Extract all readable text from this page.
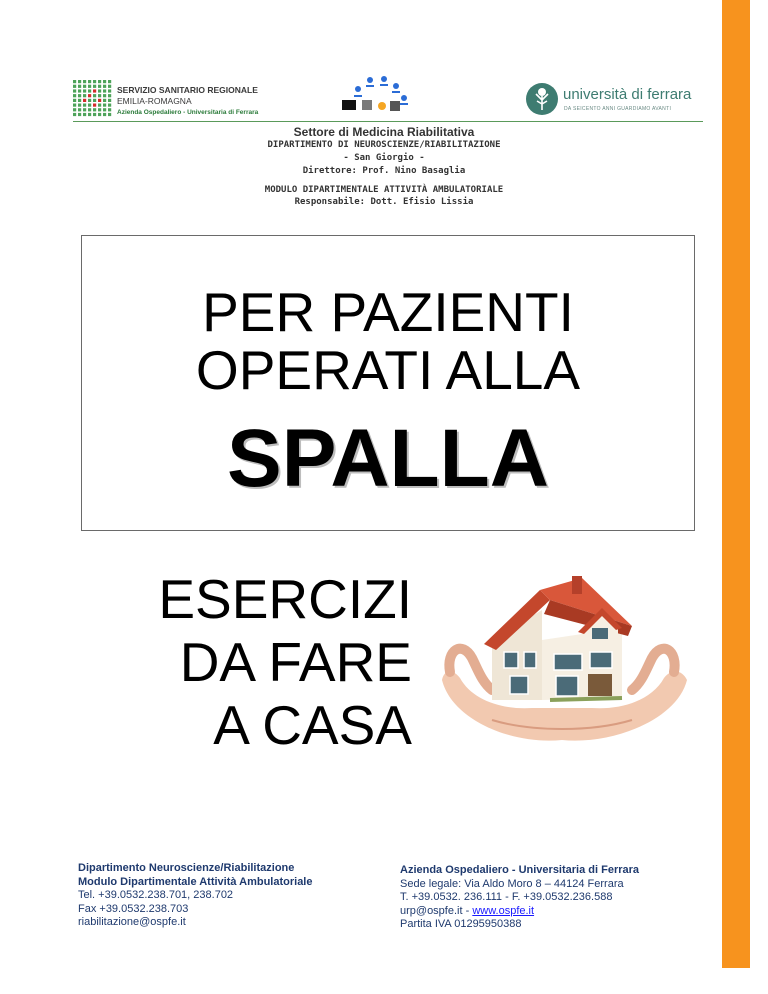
SERVIZIO SANITARIO REGIONALE
EMILIA-ROMAGNA
Azienda Ospedaliero - Universitaria di Ferrara
università di ferrara
DA SEICENTO ANNI GUARDIAMO AVANTI
Settore di Medicina Riabilitativa
DIPARTIMENTO DI NEUROSCIENZE/RIABILITAZIONE
- San Giorgio -
Direttore: Prof. Nino Basaglia
MODULO DIPARTIMENTALE ATTIVITÀ AMBULATORIALE
Responsabile: Dott. Efisio Lissia
PER PAZIENTI
OPERATI ALLA
SPALLA
ESERCIZI
DA FARE
A CASA
Dipartimento Neuroscienze/Riabilitazione
Modulo Dipartimentale Attività Ambulatoriale
Tel. +39.0532.238.701, 238.702
Fax +39.0532.238.703
riabilitazione@ospfe.it
Azienda Ospedaliero - Universitaria di Ferrara
Sede legale: Via Aldo Moro 8 – 44124 Ferrara
T. +39.0532. 236.111 - F. +39.0532.236.588
urp@ospfe.it - www.ospfe.it
Partita IVA 01295950388
